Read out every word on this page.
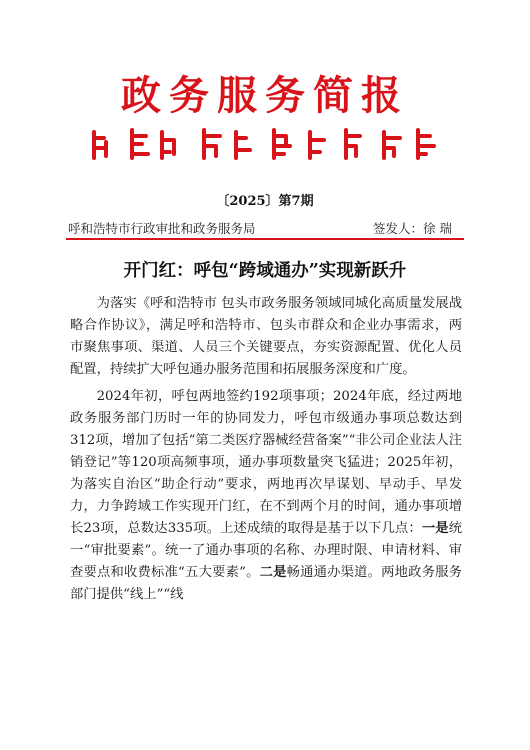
政务服务简报
〔2025〕第7期
呼和浩特市行政审批和政务服务局	签发人：徐 瑞
开门红：呼包“跨域通办”实现新跃升

为落实《呼和浩特市 包头市政务服务领域同城化高质量发展战略合作协议》，满足呼和浩特市、包头市群众和企业办事需求，两市聚焦事项、渠道、人员三个关键要点，夯实资源配置、优化人员配置，持续扩大呼包通办服务范围和拓展服务深度和广度。

2024年初，呼包两地签约192项事项；2024年底，经过两地政务服务部门历时一年的协同发力，呼包市级通办事项总数达到312项，增加了包括“第二类医疗器械经营备案”“非公司企业法人注销登记”等120项高频事项，通办事项数量突飞猛进；2025年初，为落实自治区“助企行动”要求，两地再次早谋划、早动手、早发力，力争跨域工作实现开门红，在不到两个月的时间，通办事项增长23项，总数达335项。上述成绩的取得是基于以下几点：一是统一“审批要素”。统一了通办事项的名称、办理时限、申请材料、审查要点和收费标准“五大要素”。二是畅通通办渠道。两地政务服务部门提供“线上”“线
